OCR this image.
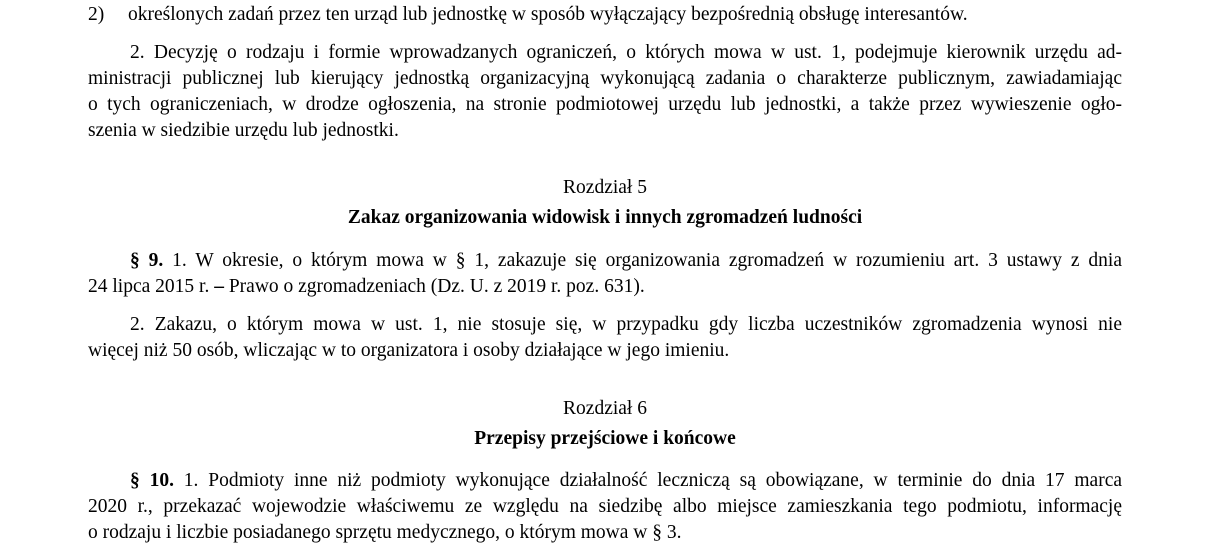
2) określonych zadań przez ten urząd lub jednostkę w sposób wyłączający bezpośrednią obsługę interesantów.
2. Decyzję o rodzaju i formie wprowadzanych ograniczeń, o których mowa w ust. 1, podejmuje kierownik urzędu ad-
ministracji publicznej lub kierujący jednostką organizacyjną wykonującą zadania o charakterze publicznym, zawiadamiając
o tych ograniczeniach, w drodze ogłoszenia, na stronie podmiotowej urzędu lub jednostki, a także przez wywieszenie ogło-
szenia w siedzibie urzędu lub jednostki.
Rozdział 5
Zakaz organizowania widowisk i innych zgromadzeń ludności
§ 9. 1. W okresie, o którym mowa w § 1, zakazuje się organizowania zgromadzeń w rozumieniu art. 3 ustawy z dnia
24 lipca 2015 r. – Prawo o zgromadzeniach (Dz. U. z 2019 r. poz. 631).
2. Zakazu, o którym mowa w ust. 1, nie stosuje się, w przypadku gdy liczba uczestników zgromadzenia wynosi nie
więcej niż 50 osób, wliczając w to organizatora i osoby działające w jego imieniu.
Rozdział 6
Przepisy przejściowe i końcowe
§ 10. 1. Podmioty inne niż podmioty wykonujące działalność leczniczą są obowiązane, w terminie do dnia 17 marca
2020 r., przekazać wojewodzie właściwemu ze względu na siedzibę albo miejsce zamieszkania tego podmiotu, informację
o rodzaju i liczbie posiadanego sprzętu medycznego, o którym mowa w § 3.
